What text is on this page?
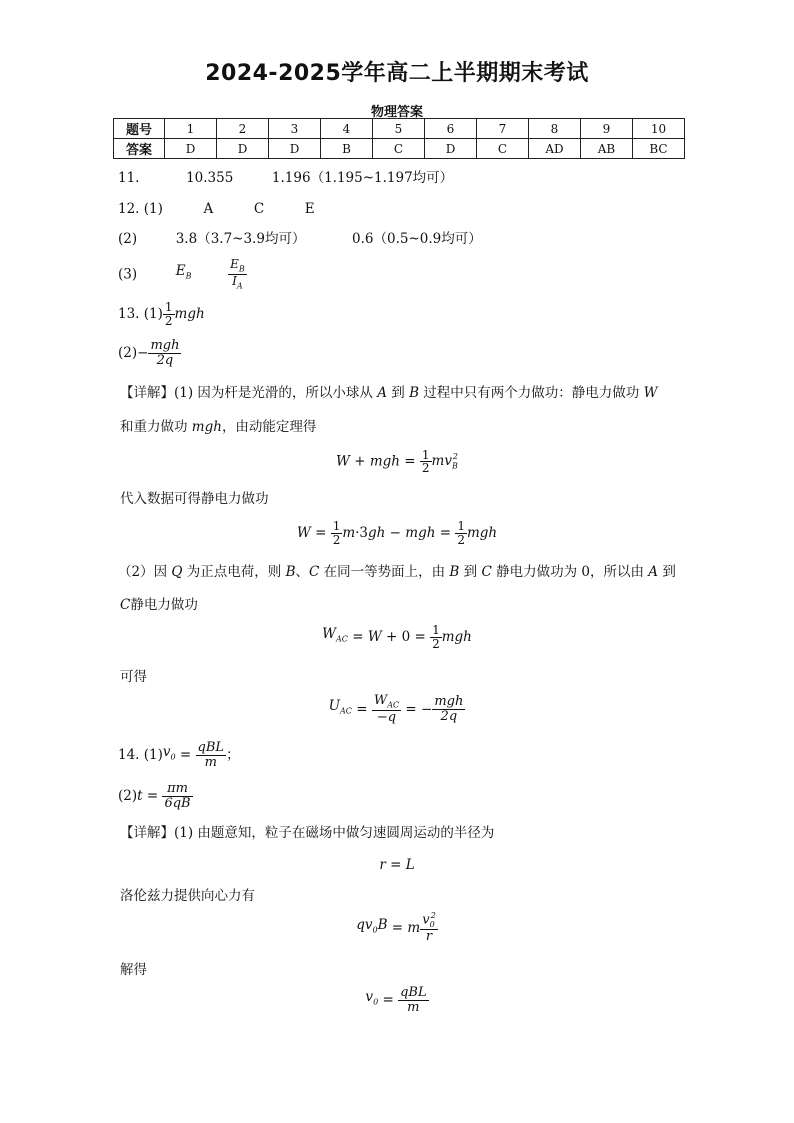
2024-2025学年高二上半期期末考试
物理答案
题号	1	2	3	4	5	6	7	8	9	10
答案	D	D	D	B	C	D	C	AD	AB	BC
11.	10.355	1.196（1.195~1.197均可）
12. (1)	A	C	E
(2)	3.8（3.7~3.9均可）	0.6（0.5~0.9均可）
(3)	$E_B$	$\frac{E_B}{I_A}$
13. $(1) \frac{1}{2}$ mgh
$(2)- \frac{\text{mgh}}{2q}$
【详解】(1) 因为杆是光滑的，所以小球从 A 到 B 过程中只有两个力做功：静电力做功 W
和重力做功 mgh，由动能定理得
W + mgh = $\frac{1}{2} mv_B^2$
代入数据可得静电力做功
$W = \frac{1}{2} m\cdot 3gh$ − mgh = $\frac{1}{2}$ mgh
（2）因 Q 为正点电荷，则 B、C 在同一等势面上，由 B 到 C 静电力做功为 0，所以由 A 到
C静电力做功
$W_{AC} = W + 0 = \frac{1}{2}$ mgh
可得
$U_{AC} = \frac{W_{AC}}{-q}$ = − $\frac{\text{mgh}}{2q}$
14. $(1)v_0 = \frac{\text{qBL}}{m}$ ；
$(2)t = \frac{\pi m}{6qB}$
【详解】(1) 由题意知，粒子在磁场中做匀速圆周运动的半径为
r = L
洛伦兹力提供向心力有
$qv_0B = m \frac{v_0^2}{r}$
解得
$v_0 = \frac{\text{qBL}}{m}$
